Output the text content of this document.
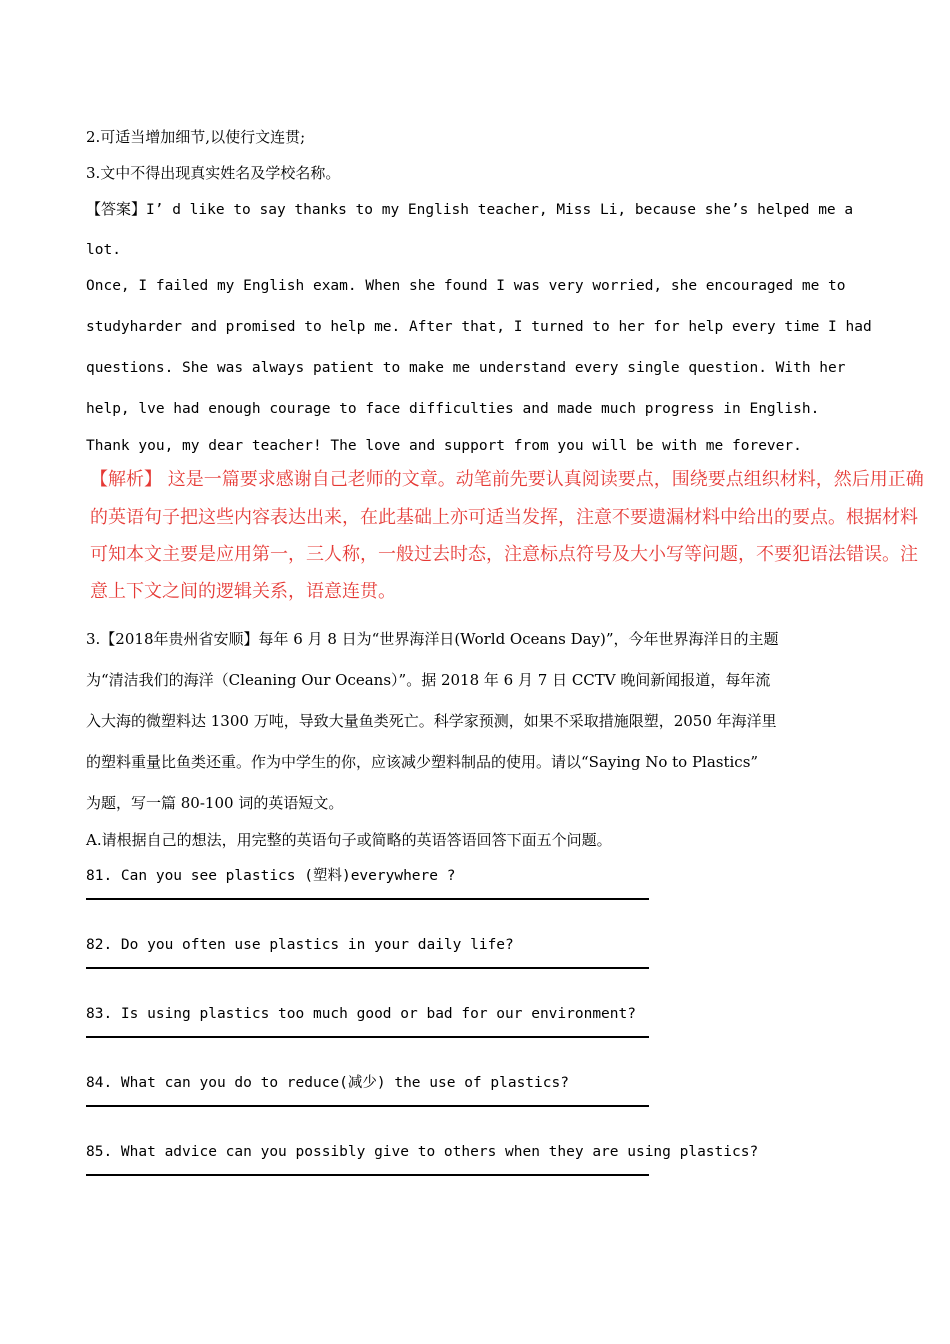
2.可适当增加细节,以使行文连贯;
3.文中不得出现真实姓名及学校名称。
【答案】I’ d like to say thanks to my English teacher, Miss Li, because she’s helped me a
lot.
Once, I failed my English exam. When she found I was very worried, she encouraged me to
studyharder and promised to help me. After that, I turned to her for help every time I had
questions. She was always patient to make me understand every single question. With her
help, lve had enough courage to face difficulties and made much progress in English.
Thank you, my dear teacher! The love and support from you will be with me forever.
【解析】 这是一篇要求感谢自己老师的文章。动笔前先要认真阅读要点，围绕要点组织材料，然后用正确
的英语句子把这些内容表达出来，在此基础上亦可适当发挥，注意不要遗漏材料中给出的要点。根据材料
可知本文主要是应用第一，三人称，一般过去时态，注意标点符号及大小写等问题，不要犯语法错误。注
意上下文之间的逻辑关系，语意连贯。
3.【2018年贵州省安顺】每年 6 月 8 日为“世界海洋日(World Oceans Day)”，今年世界海洋日的主题
为“清洁我们的海洋（Cleaning Our Oceans）”。据 2018 年 6 月 7 日 CCTV 晚间新闻报道，每年流
入大海的微塑料达 1300 万吨，导致大量鱼类死亡。科学家预测，如果不采取措施限塑，2050 年海洋里
的塑料重量比鱼类还重。作为中学生的你，应该减少塑料制品的使用。请以“Saying No to Plastics”
为题，写一篇 80-100 词的英语短文。
A.请根据自己的想法，用完整的英语句子或简略的英语答语回答下面五个问题。
81. Can you see plastics (塑料)everywhere ?
82. Do you often use plastics in your daily life?
83. Is using plastics too much good or bad for our environment?
84. What can you do to reduce(减少) the use of plastics?
85. What advice can you possibly give to others when they are using plastics?
